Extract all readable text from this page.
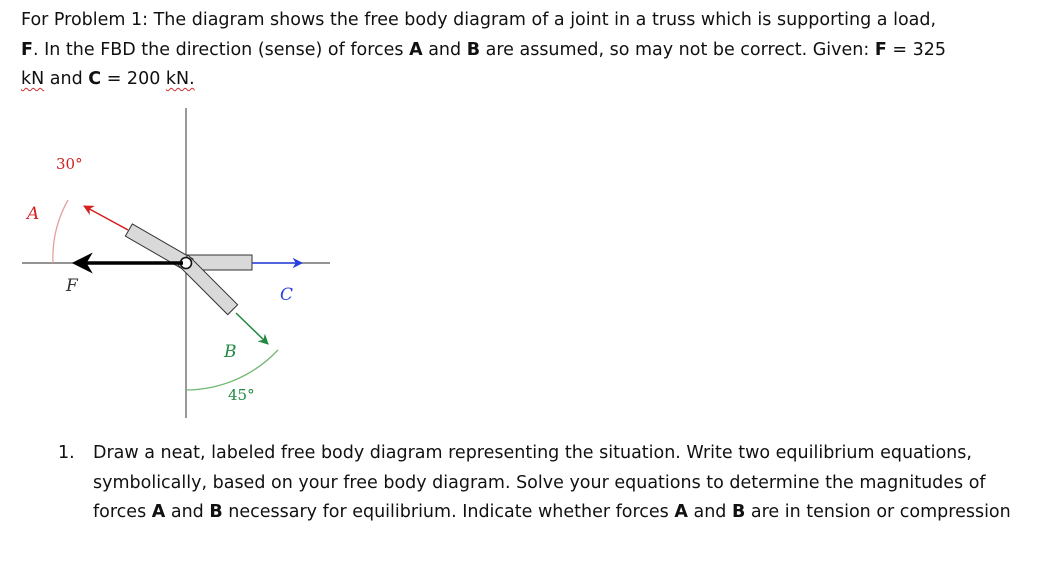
For Problem 1: The diagram shows the free body diagram of a joint in a truss which is supporting a load,
F. In the FBD the direction (sense) of forces A and B are assumed, so may not be correct. Given: F = 325
kN and C = 200 kN.

A
F	C
B
30°
45°
1. Draw a neat, labeled free body diagram representing the situation. Write two equilibrium equations, symbolically, based on your free body diagram. Solve your equations to determine the magnitudes of forces A and B necessary for equilibrium. Indicate whether forces A and B are in tension or compression
